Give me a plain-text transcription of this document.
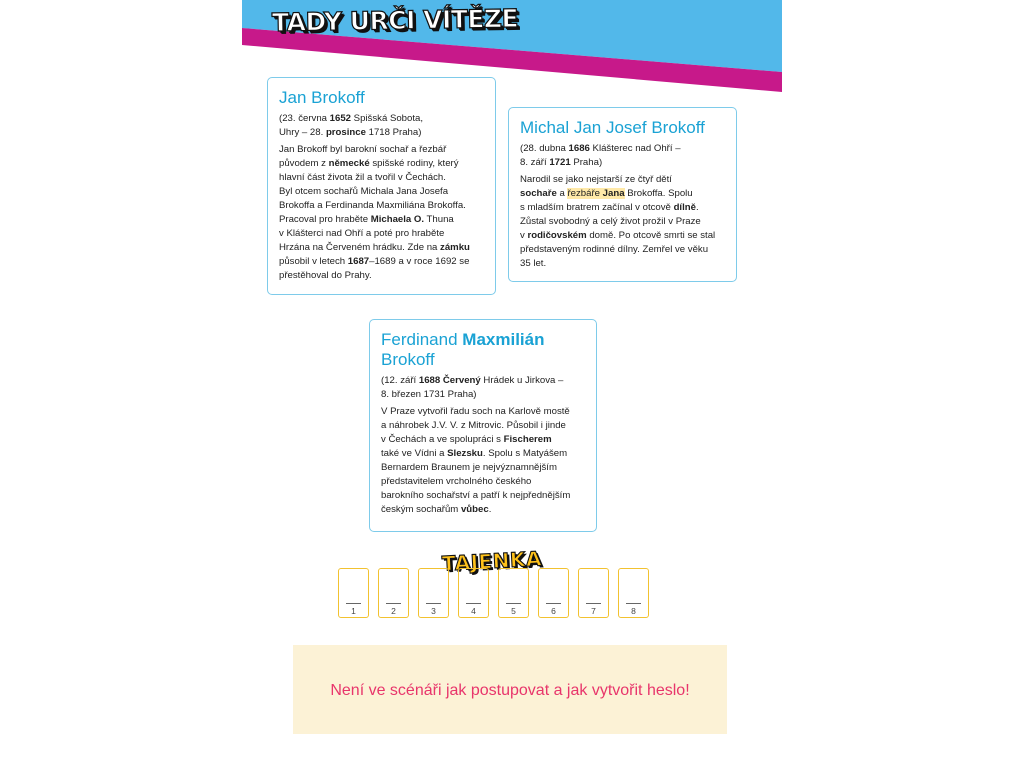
TADY URČI VÍTĚZE
Jan Brokoff

(23. června 1652 Spišská Sobota,
Uhry – 28. prosince 1718 Praha)

Jan Brokoff byl barokní sochař a řezbář
původem z německé spišské rodiny, který
hlavní část života žil a tvořil v Čechách.
Byl otcem sochařů Michala Jana Josefa
Brokoffa a Ferdinanda Maxmiliána Brokoffa.
Pracoval pro hraběte Michaela O. Thuna
v Klášterci nad Ohří a poté pro hraběte
Hrzána na Červeném hrádku. Zde na zámku
působil v letech 1687–1689 a v roce 1692 se
přestěhoval do Prahy.

Michal Jan Josef Brokoff

(28. dubna 1686 Klášterec nad Ohří –
8. září 1721 Praha)

Narodil se jako nejstarší ze čtyř dětí
sochaře a řezbáře Jana Brokoffa. Spolu
s mladším bratrem začínal v otcově dílně.
Zůstal svobodný a celý život prožil v Praze
v rodičovském domě. Po otcově smrti se stal
představeným rodinné dílny. Zemřel ve věku
35 let.

Ferdinand Maxmilián
Brokoff

(12. září 1688 Červený Hrádek u Jirkova –
8. březen 1731 Praha)

V Praze vytvořil řadu soch na Karlově mostě
a náhrobek J.V. V. z Mitrovic. Působil i jinde
v Čechách a ve spolupráci s Fischerem
také ve Vídni a Slezsku. Spolu s Matyášem
Bernardem Braunem je nejvýznamnějším
představitelem vrcholného českého
barokního sochařství a patří k nejpřednějším
českým sochařům vůbec.

TAJENKA
1	2	3	4	5	6	7	8
Není ve scénáři jak postupovat a jak vytvořit heslo!
